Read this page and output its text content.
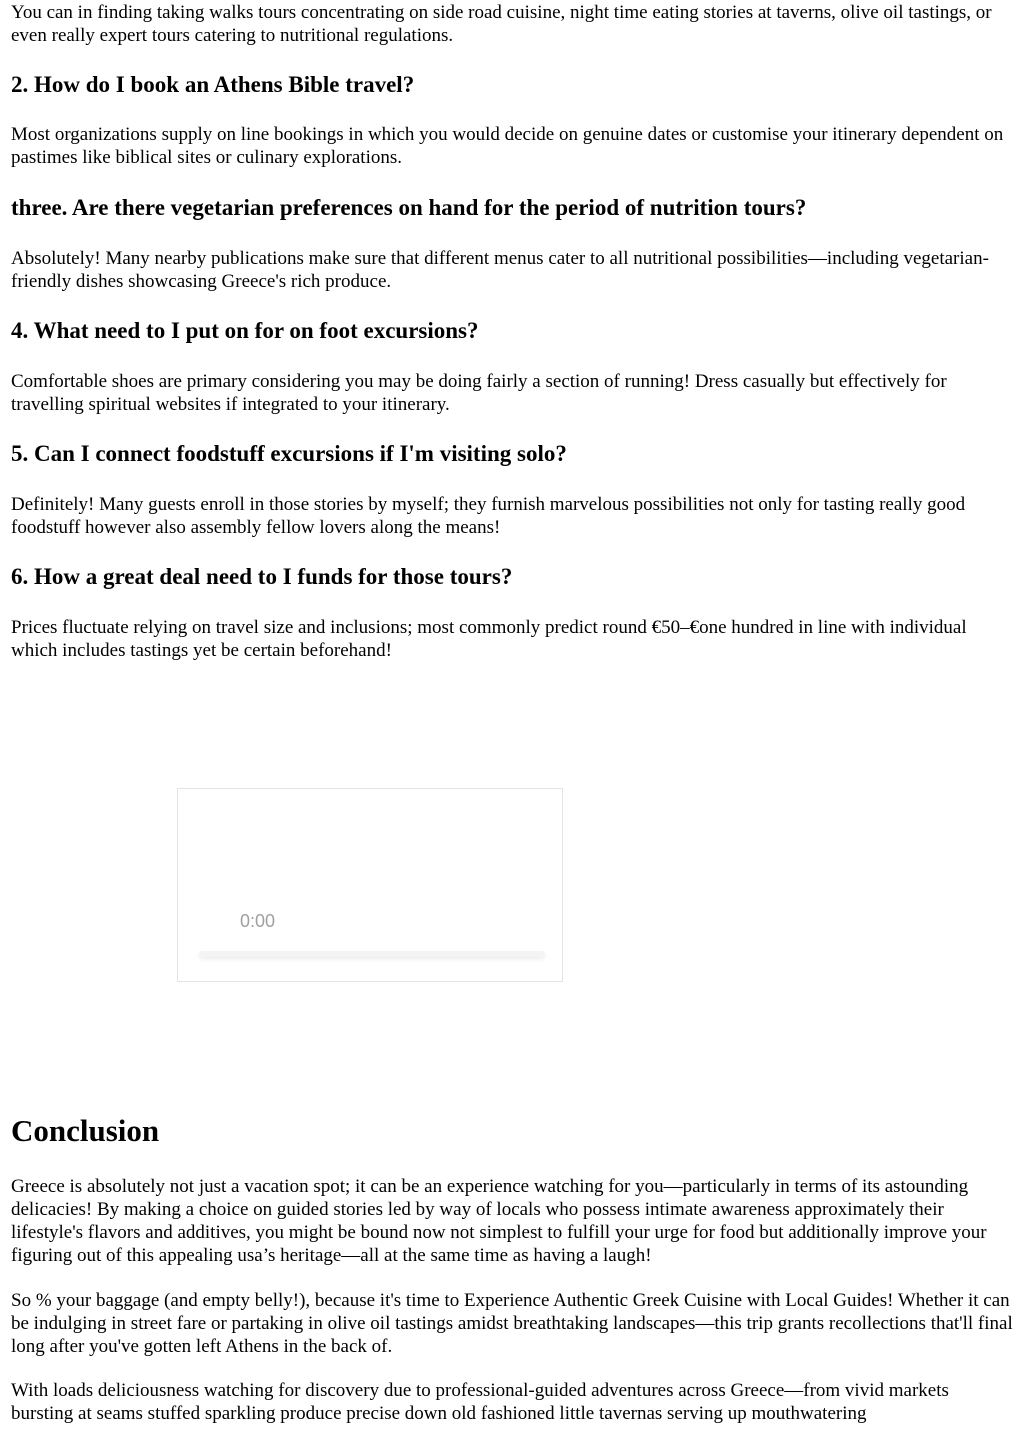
You can in finding taking walks tours concentrating on side road cuisine, night time eating stories at taverns, olive oil tastings, or even really expert tours catering to nutritional regulations.

2. How do I book an Athens Bible travel?

Most organizations supply on line bookings in which you would decide on genuine dates or customise your itinerary dependent on pastimes like biblical sites or culinary explorations.

three. Are there vegetarian preferences on hand for the period of nutrition tours?

Absolutely! Many nearby publications make sure that different menus cater to all nutritional possibilities—including vegetarian-friendly dishes showcasing Greece's rich produce.

4. What need to I put on for on foot excursions?

Comfortable shoes are primary considering you may be doing fairly a section of running! Dress casually but effectively for travelling spiritual websites if integrated to your itinerary.

5. Can I connect foodstuff excursions if I'm visiting solo?

Definitely! Many guests enroll in those stories by myself; they furnish marvelous possibilities not only for tasting really good foodstuff however also assembly fellow lovers along the means!

6. How a great deal need to I funds for those tours?

Prices fluctuate relying on travel size and inclusions; most commonly predict round €50–€one hundred in line with individual which includes tastings yet be certain beforehand!

Conclusion

Greece is absolutely not just a vacation spot; it can be an experience watching for you—particularly in terms of its astounding delicacies! By making a choice on guided stories led by way of locals who possess intimate awareness approximately their lifestyle's flavors and additives, you might be bound now not simplest to fulfill your urge for food but additionally improve your figuring out of this appealing usa’s heritage—all at the same time as having a laugh!

So % your baggage (and empty belly!), because it's time to Experience Authentic Greek Cuisine with Local Guides! Whether it can be indulging in street fare or partaking in olive oil tastings amidst breathtaking landscapes—this trip grants recollections that'll final long after you've gotten left Athens in the back of.

With loads deliciousness watching for discovery due to professional-guided adventures across Greece—from vivid markets bursting at seams stuffed sparkling produce precise down old fashioned little tavernas serving up mouthwatering

0:00
